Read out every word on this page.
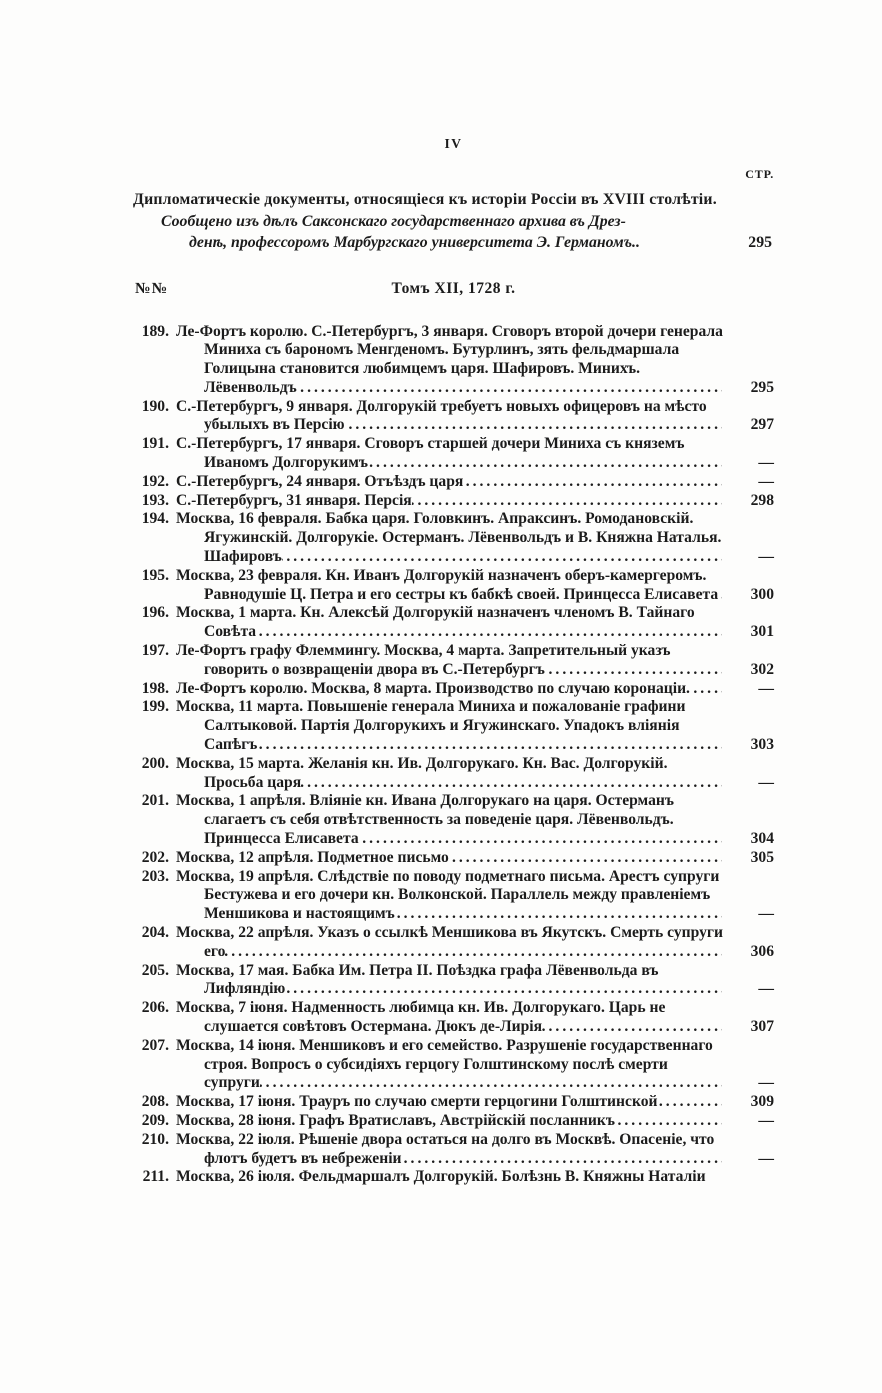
IV
СТР.
Дипломатическіе документы, относящіеся къ исторіи Россіи въ XVIII столѣтіи.
Сообщено изъ дѣлъ Саксонскаго государственнаго архива въ Дрез-
денѣ, профессоромъ Марбургскаго университета Э. Германомъ..	295
№№	Томъ XII, 1728 г.
189.
..... Ле-Фортъ королю. С.-Петербургъ, 3 января. Сговоръ второй дочери генерала Миниха съ барономъ Менгденомъ. Бутурлинъ, зять фельдмаршала Голицына становится любимцемъ царя. Шафировъ. Минихъ. Лёвенвольдъ	295
190.
..... С.-Петербургъ, 9 января. Долгорукій требуетъ новыхъ офицеровъ на мѣсто убылыхъ въ Персію	297
191.
..... С.-Петербургъ, 17 января. Сговоръ старшей дочери Миниха съ княземъ Иваномъ Долгорукимъ	—
192. ..... С.-Петербургъ, 24 января. Отъѣздъ царя	—
193. ..... С.-Петербургъ, 31 января. Персія	298
194.
..... Москва, 16 февраля. Бабка царя. Головкинъ. Апраксинъ. Ромодановскій. Ягужинскій. Долгорукіе. Остерманъ. Лёвенвольдъ и В. Княжна Наталья. Шафировъ	—
195.
..... Москва, 23 февраля. Кн. Иванъ Долгорукій назначенъ оберъ-камергеромъ. Равнодушіе Ц. Петра и его сестры къ бабкѣ своей. Принцесса Елисавета	300
196.
..... Москва, 1 марта. Кн. Алексѣй Долгорукій назначенъ членомъ В. Тайнаго Совѣта	301
197.
..... Ле-Фортъ графу Флеммингу. Москва, 4 марта. Запретительный указъ говорить о возвращеніи двора въ С.-Петербургъ	302
198. ..... Ле-Фортъ королю. Москва, 8 марта. Производство по случаю коронаціи.	—
199.
..... Москва, 11 марта. Повышеніе генерала Миниха и пожалованіе графини Салтыковой. Партія Долгорукихъ и Ягужинскаго. Упадокъ вліянія Сапѣгъ	303
200.
..... Москва, 15 марта. Желанія кн. Ив. Долгорукаго. Кн. Вас. Долгорукій. Просьба царя	—
201.
..... Москва, 1 апрѣля. Вліяніе кн. Ивана Долгорукаго на царя. Остерманъ слагаетъ съ себя отвѣтственность за поведеніе царя. Лёвенвольдъ. Принцесса Елисавета	304
202. ..... Москва, 12 апрѣля. Подметное письмо	305
203.
..... Москва, 19 апрѣля. Слѣдствіе по поводу подметнаго письма. Арестъ супруги Бестужева и его дочери кн. Волконской. Параллель между правленіемъ Меншикова и настоящимъ	—
204.
..... Москва, 22 апрѣля. Указъ о ссылкѣ Меншикова въ Якутскъ. Смерть супруги его	306
205.
..... Москва, 17 мая. Бабка Им. Петра II. Поѣздка графа Лёвенвольда въ Лифляндію	—
206.
..... Москва, 7 іюня. Надменность любимца кн. Ив. Долгорукаго. Царь не слушается совѣтовъ Остермана. Дюкъ де-Лирія	307
207.
..... Москва, 14 іюня. Меншиковъ и его семейство. Разрушеніе государственнаго строя. Вопросъ о субсидіяхъ герцогу Голштинскому послѣ смерти супруги	—
208. ..... Москва, 17 іюня. Трауръ по случаю смерти герцогини Голштинской	309
209. ..... Москва, 28 іюня. Графъ Вратиславъ, Австрійскій посланникъ	—
210.
..... Москва, 22 іюля. Рѣшеніе двора остаться на долго въ Москвѣ. Опасеніе, что флотъ будетъ въ небреженіи	—
211. Москва, 26 іюля. Фельдмаршалъ Долгорукій. Болѣзнь В. Княжны Наталіи
